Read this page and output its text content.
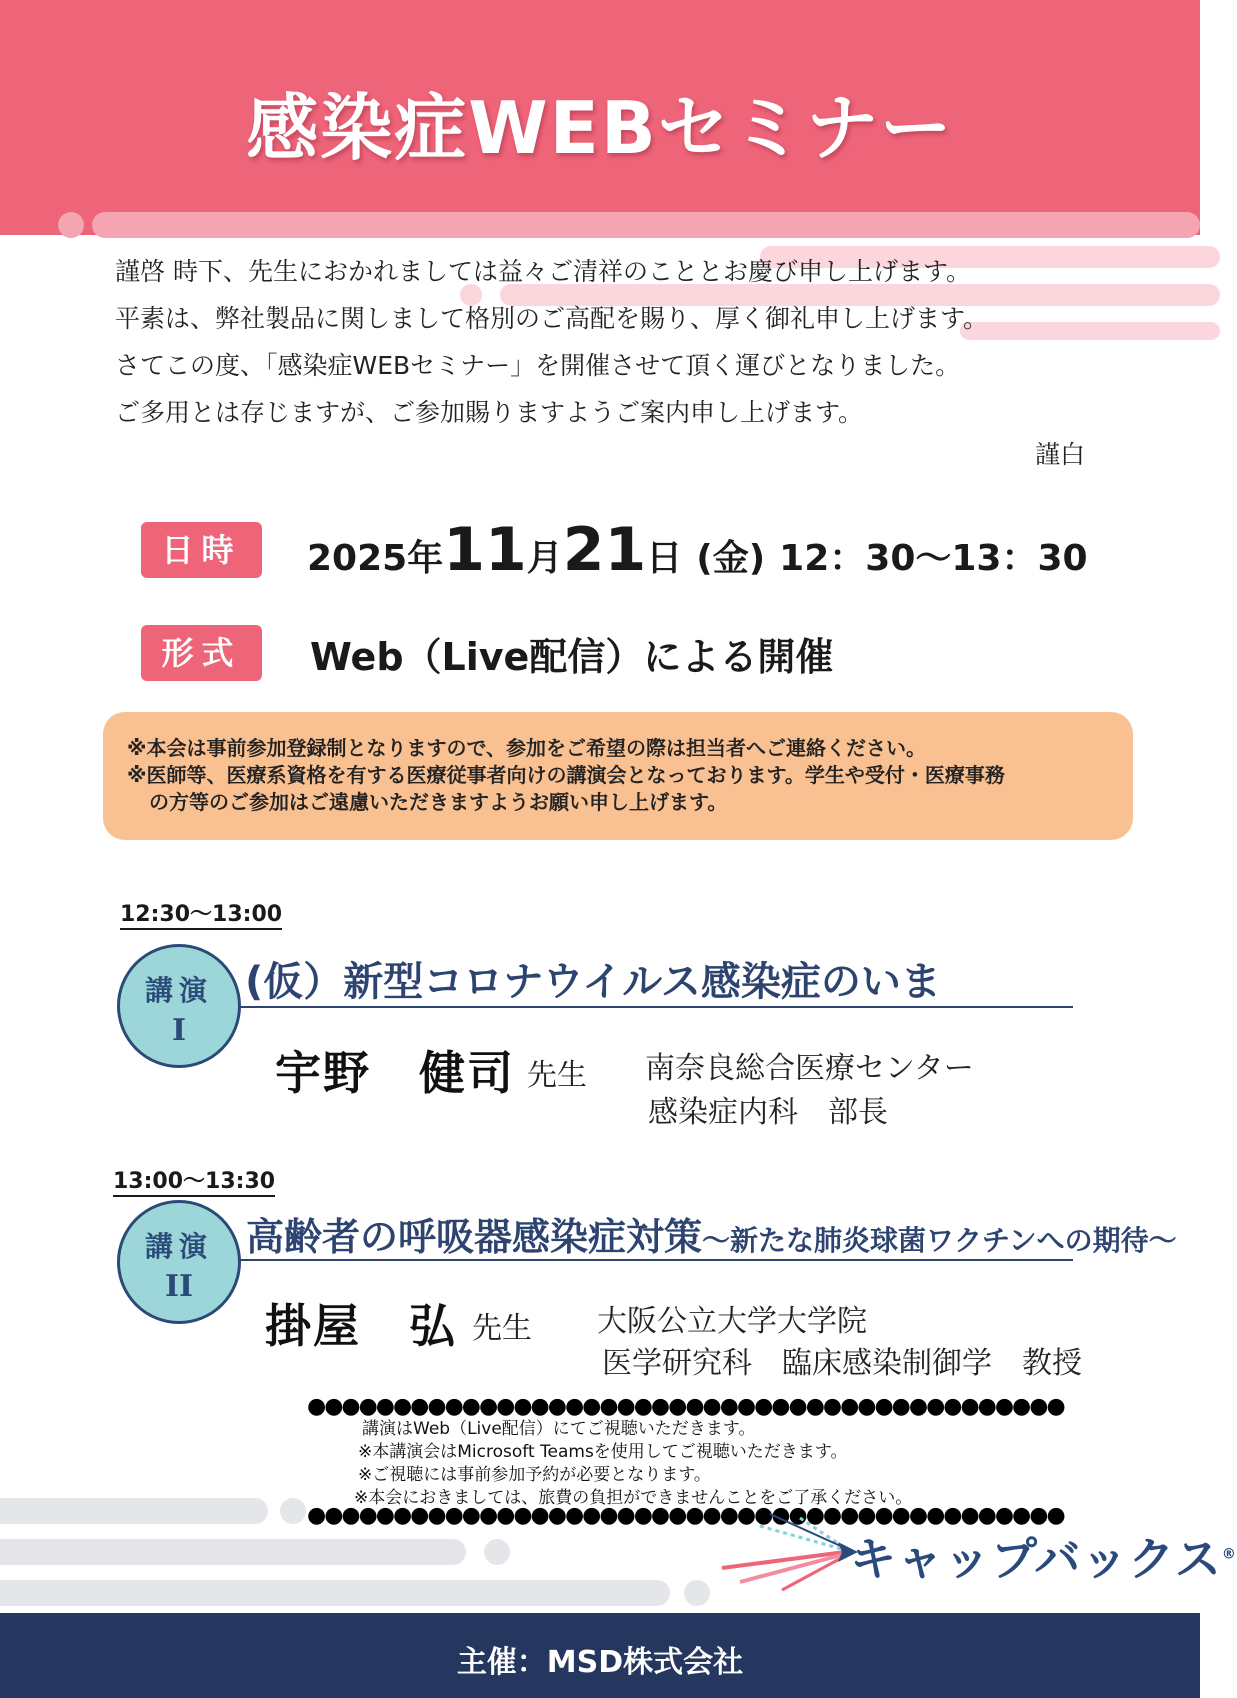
感染症WEBセミナー
謹啓 時下、先生におかれましては益々ご清祥のこととお慶び申し上げます。
平素は、弊社製品に関しまして格別のご高配を賜り、厚く御礼申し上げます。
さてこの度、「感染症WEBセミナー」を開催させて頂く運びとなりました。
ご多用とは存じますが、ご参加賜りますようご案内申し上げます。
謹白
日時	2025年11月21日 (金) 12：30～13：30
形式	Web（Live配信）による開催
※本会は事前参加登録制となりますので、参加をご希望の際は担当者へご連絡ください。
※医師等、医療系資格を有する医療従事者向けの講演会となっております。学生や受付・医療事務
の方等のご参加はご遠慮いただきますようお願い申し上げます。
12:30～13:00
講演
I
(仮）新型コロナウイルス感染症のいま
宇野　健司 先生 南奈良総合医療センター
感染症内科　部長
13:00～13:30
講演
II
高齢者の呼吸器感染症対策～新たな肺炎球菌ワクチンへの期待～
掛屋　弘 先生 大阪公立大学大学院
医学研究科　臨床感染制御学　教授
●●●●●●●●●●●●●●●●●●●●●●●●●●●●●●●●●●●●●●●●●●●●
講演はWeb（Live配信）にてご視聴いただきます。
※本講演会はMicrosoft Teamsを使用してご視聴いただきます。
※ご視聴には事前参加予約が必要となります。
※本会におきましては、旅費の負担ができませんことをご了承ください。
●●●●●●●●●●●●●●●●●●●●●●●●●●●●●●●●●●●●●●●●●●●●
キャップバックス®
主催：MSD株式会社
